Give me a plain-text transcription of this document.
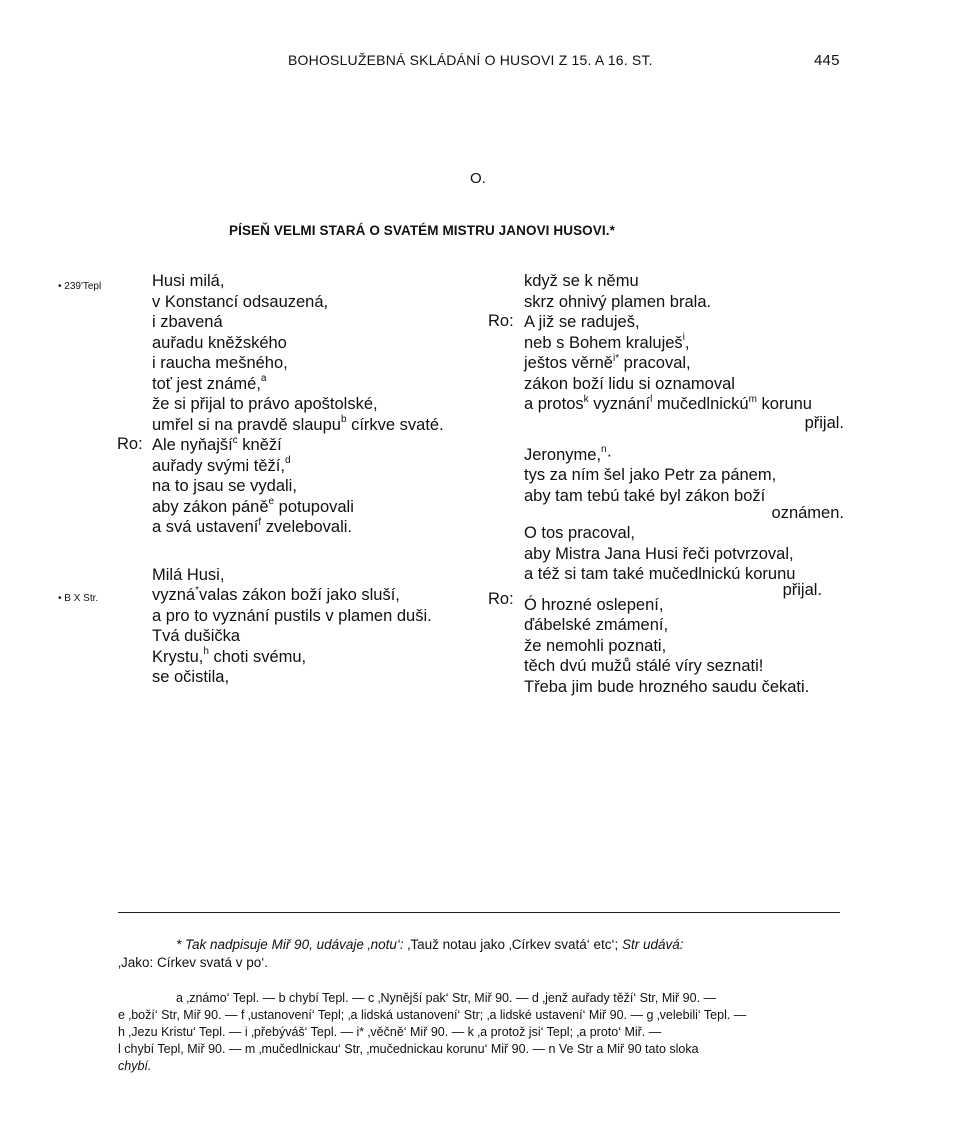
BOHOSLUŽEBNÁ SKLÁDÁNÍ O HUSOVI Z 15. A 16. ST.	445
O.
PÍSEŇ VELMI STARÁ O SVATÉM MISTRU JANOVI HUSOVI.*
• 239'Tepl
• B X Str.
Husi milá,
v Konstancí odsauzená,
i zbavená
auřadu kněžského
i raucha mešného,
toť jest známé,$^a$
že si přijal to právo apoštolské,
umřel si na pravdě slaupu$^b$ církve svaté.
Ale nyňajší$^c$ kněží
auřady svými těží,$^d$
na to jsau se vydali,
aby zákon páně$^e$ potupovali
a svá ustavení$^f$ zvelebovali.
Milá Husi,
vyzná*valas zákon boží jako sluší,
a pro to vyznání pustils v plamen duši.
Tvá dušička
Krystu,$^h$ choti svému,
se očistila,
Ro:
Ro:
Ro:
když se k němu
skrz ohnivý plamen brala.
A již se raduješ,
neb s Bohem kraluješ$^i$,
ještos věrně$^{i*}$ pracoval,
zákon boží lidu si oznamoval
a protos$^k$ vyznání$^l$ mučedlnickú$^m$ korunu
přijal.
Jeronyme,$^n$·
tys za ním šel jako Petr za pánem,
aby tam tebú také byl zákon boží
oznámen.
O tos pracoval,
aby Mistra Jana Husi řeči potvrzoval,
a též si tam také mučedlnickú korunu
přijal.
Ó hrozné oslepení,
ďábelské zmámení,
že nemohli poznati,
těch dvú mužů stálé víry seznati!
Třeba jim bude hrozného saudu čekati.
* Tak nadpisuje Miř 90, udávaje ‚notu‘: ‚Tauž notau jako ‚Církev svatá‘ etc‘; Str udává:
‚Jako: Církev svatá v po‘.
a ‚známo‘ Tepl. — b chybí Tepl. — c ‚Nynější pak‘ Str, Miř 90. — d ‚jenž auřady těží‘ Str, Miř 90. —
e ‚boží‘ Str, Miř 90. — f ‚ustanovení‘ Tepl; ‚a lidská ustanovení‘ Str; ‚a lidské ustavení‘ Miř 90. — g ‚velebili‘ Tepl. —
h ‚Jezu Kristu‘ Tepl. — i ‚přebýváš‘ Tepl. — i* ‚věčně‘ Miř 90. — k ‚a protož jsi‘ Tepl; ‚a proto‘ Miř. —
l chybí Tepl, Miř 90. — m ‚mučedlnickau‘ Str, ‚mučednickau korunu‘ Miř 90. — n Ve Str a Miř 90 tato sloka
chybí.
